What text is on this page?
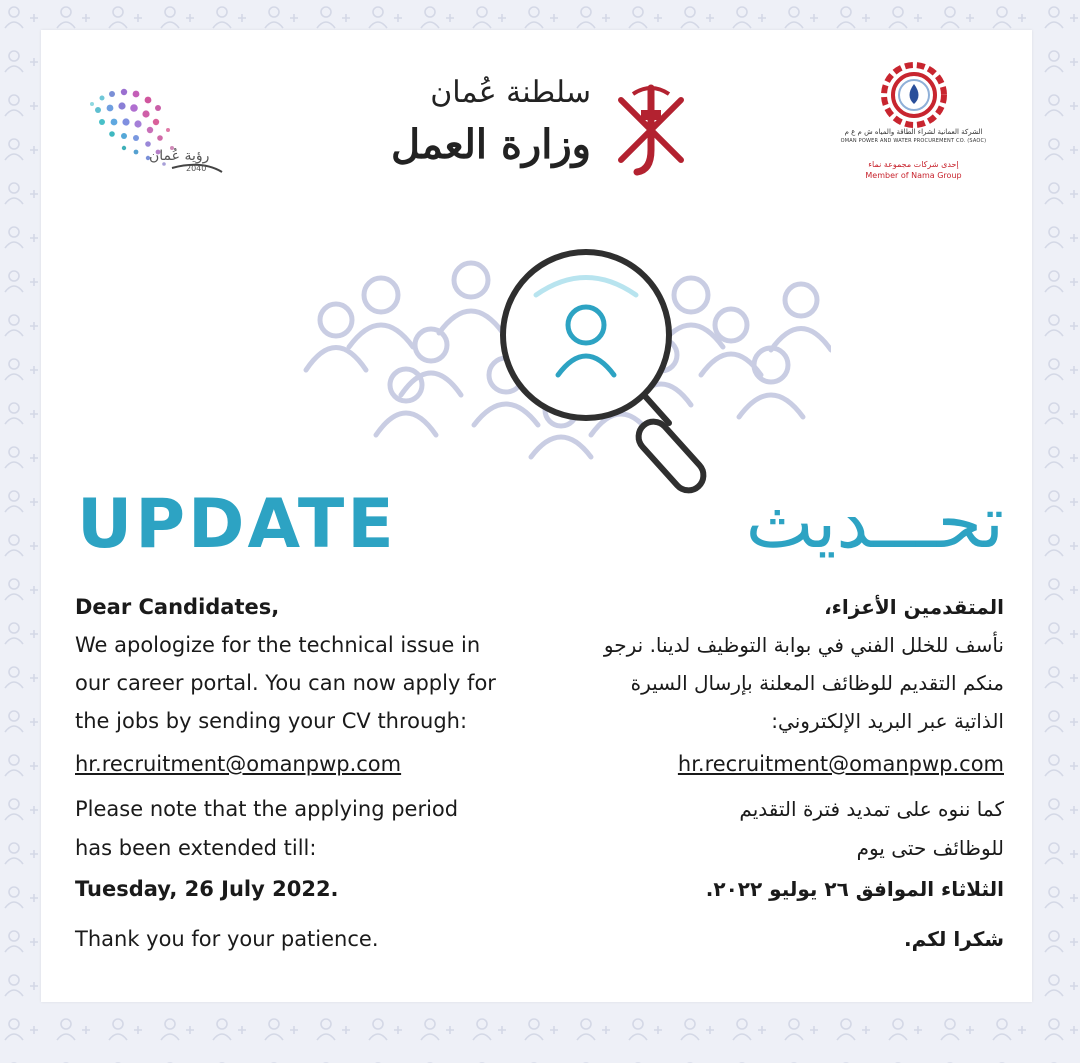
رؤية عُمان
2040
سلطنة عُمان
وزارة العمل	الشركة العمانية لشراء الطاقة والمياه ش م ع م
OMAN POWER AND WATER PROCUREMENT CO. (SAOC)
إحدى شركات مجموعة نماء
Member of Nama Group
UPDATE	تحـــديث
Dear Candidates,
We apologize for the technical issue in
our career portal. You can now apply for
the jobs by sending your CV through:
hr.recruitment@omanpwp.com
Please note that the applying period
has been extended till:
Tuesday, 26 July 2022.
Thank you for your patience.
المتقدمين الأعزاء،
نأسف للخلل الفني في بوابة التوظيف لدينا. نرجو
منكم التقديم للوظائف المعلنة بإرسال السيرة
الذاتية عبر البريد الإلكتروني:
hr.recruitment@omanpwp.com
كما ننوه على تمديد فترة التقديم
للوظائف حتى يوم
الثلاثاء الموافق ٢٦ يوليو ٢٠٢٢.
شكرا لكم.
